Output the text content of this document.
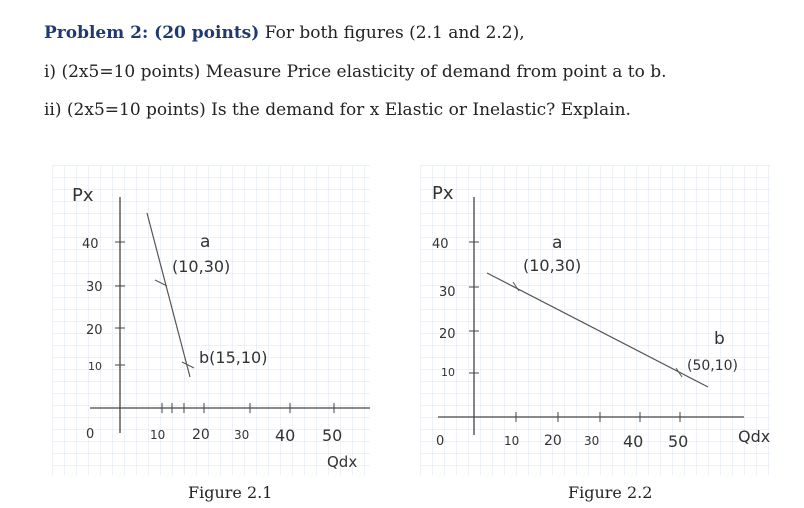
Problem 2: (20 points) For both figures (2.1 and 2.2),
i) (2x5=10 points) Measure Price elasticity of demand from point a to b.
ii) (2x5=10 points) Is the demand for x Elastic or Inelastic? Explain.
Px
40
30
20
10
0	10 20 30 40 50
Qdx
a
(10,30)
b(15,10)
Figure 2.1
Px
40
30
20
10
0	10 20 30 40 50	Qdx
a
(10,30)
b
(50,10)
Figure 2.2
